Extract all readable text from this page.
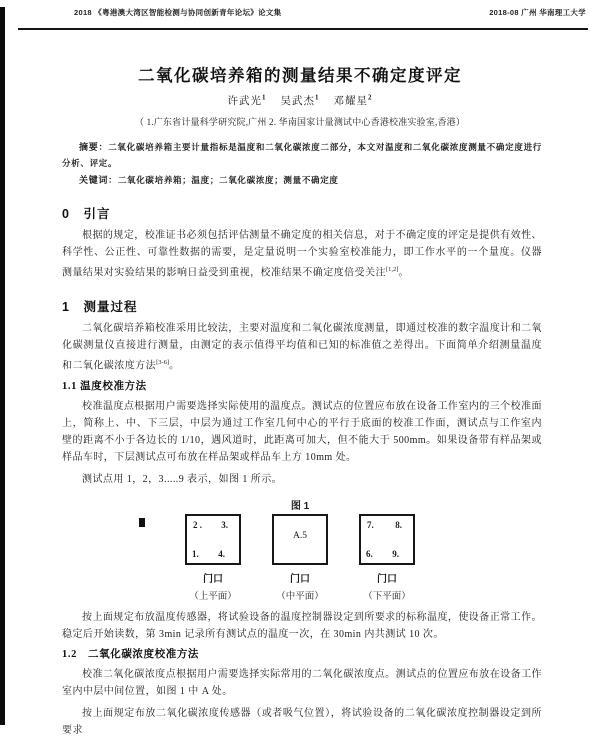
2018 《粤港澳大湾区智能检测与协同创新青年论坛》论文集	2018-08 广州 华南理工大学
二氧化碳培养箱的测量结果不确定度评定
许武光$^1$ 吴武杰$^1$ 邓耀星$^2$
（ 1.广东省计量科学研究院,广州 2. 华南国家计量测试中心香港校准实验室,香港）

摘要：二氧化碳培养箱主要计量指标是温度和二氧化碳浓度二部分，本文对温度和二氧化碳浓度测量不确定度进行分析、评定。

关键词：二氧化碳培养箱；温度；二氧化碳浓度；测量不确定度

0　引言

根据的规定，校准证书必须包括评估测量不确定度的相关信息，对于不确定度的评定是提供有效性、科学性、公正性、可靠性数据的需要，是定量说明一个实验室校准能力，即工作水平的一个量度。仪器测量结果对实验结果的影响日益受到重视，校准结果不确定度倍受关注[1,2]。

1　测量过程

二氧化碳培养箱校准采用比较法，主要对温度和二氧化碳浓度测量，即通过校准的数字温度计和二氧化碳测量仪直接进行测量，由测定的表示值得平均值和已知的标准值之差得出。下面简单介绍测量温度和二氧化碳浓度方法[3-6]。

1.1 温度校准方法

校准温度点根据用户需要选择实际使用的温度点。测试点的位置应布放在设备工作室内的三个校准面上，简称上、中、下三层，中层为通过工作室几何中心的平行于底面的校准工作面，测试点与工作室内壁的距离不小于各边长的 1/10，遇风道时，此距离可加大，但不能大于 500mm。如果设备带有样品架或样品车时，下层测试点可布放在样品架或样品车上方 10mm 处。

测试点用 1，2，3.....9 表示，如图 1 所示。

图 1
2 . 3.
1. 4.
门口
（上平面）
A.5
门口
（中平面）
7. 8.
6. 9.
门口
（下平面）

按上面规定布放温度传感器，将试验设备的温度控制器设定到所要求的标称温度，使设备正常工作。稳定后开始读数，第 3min 记录所有测试点的温度一次，在 30min 内共测试 10 次。

1.2　二氧化碳浓度校准方法

校准二氧化碳浓度点根据用户需要选择实际常用的二氧化碳浓度点。测试点的位置应布放在设备工作室内中层中间位置，如图 1 中 A 处。

按上面规定布放二氧化碳浓度传感器（或者吸气位置），将试验设备的二氧化碳浓度控制器设定到所要求
